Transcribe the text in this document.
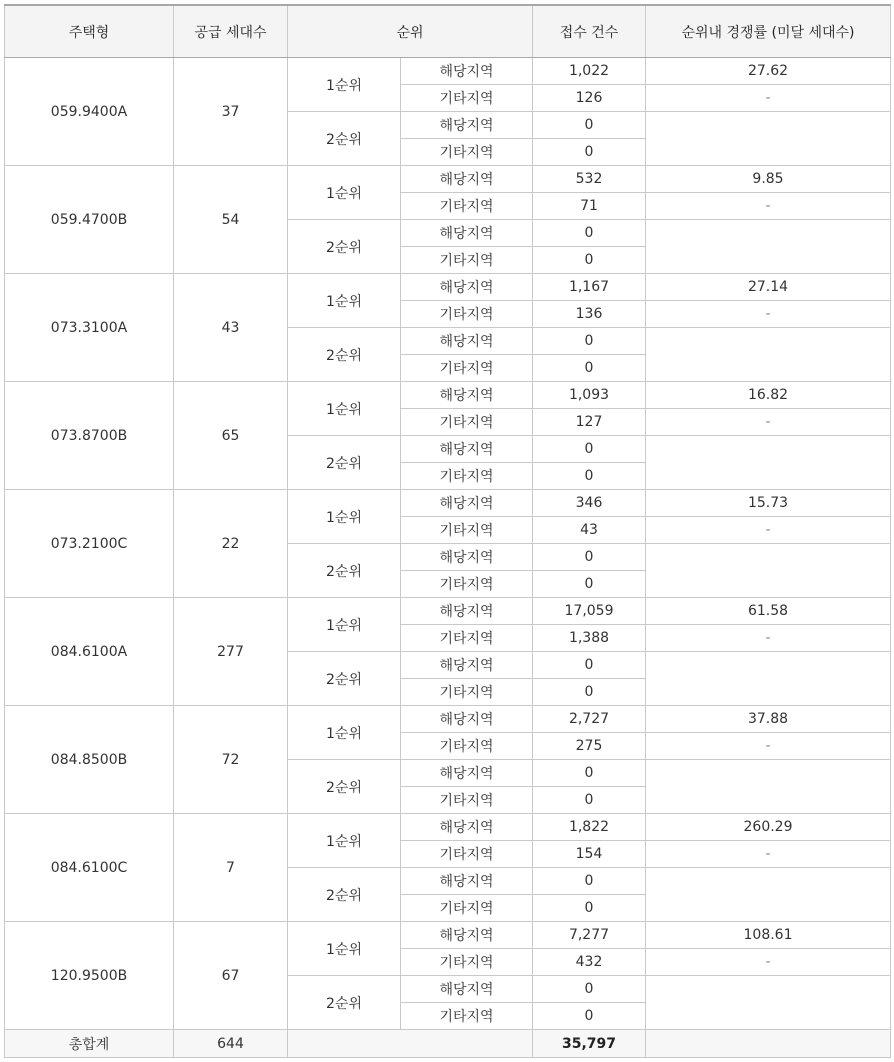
주택형	공급 세대수	순위		접수 건수	순위내 경쟁률 (미달 세대수)
059.9400A	37	1순위	해당지역	1,022	27.62
			기타지역	126	-
		2순위	해당지역	0	
			기타지역	0	
059.4700B	54	1순위	해당지역	532	9.85
			기타지역	71	-
		2순위	해당지역	0	
			기타지역	0	
073.3100A	43	1순위	해당지역	1,167	27.14
			기타지역	136	-
		2순위	해당지역	0	
			기타지역	0	
073.8700B	65	1순위	해당지역	1,093	16.82
			기타지역	127	-
		2순위	해당지역	0	
			기타지역	0	
073.2100C	22	1순위	해당지역	346	15.73
			기타지역	43	-
		2순위	해당지역	0	
			기타지역	0	
084.6100A	277	1순위	해당지역	17,059	61.58
			기타지역	1,388	-
		2순위	해당지역	0	
			기타지역	0	
084.8500B	72	1순위	해당지역	2,727	37.88
			기타지역	275	-
		2순위	해당지역	0	
			기타지역	0	
084.6100C	7	1순위	해당지역	1,822	260.29
			기타지역	154	-
		2순위	해당지역	0	
			기타지역	0	
120.9500B	67	1순위	해당지역	7,277	108.61
			기타지역	432	-
		2순위	해당지역	0	
			기타지역	0	
총합계	644			35,797	
